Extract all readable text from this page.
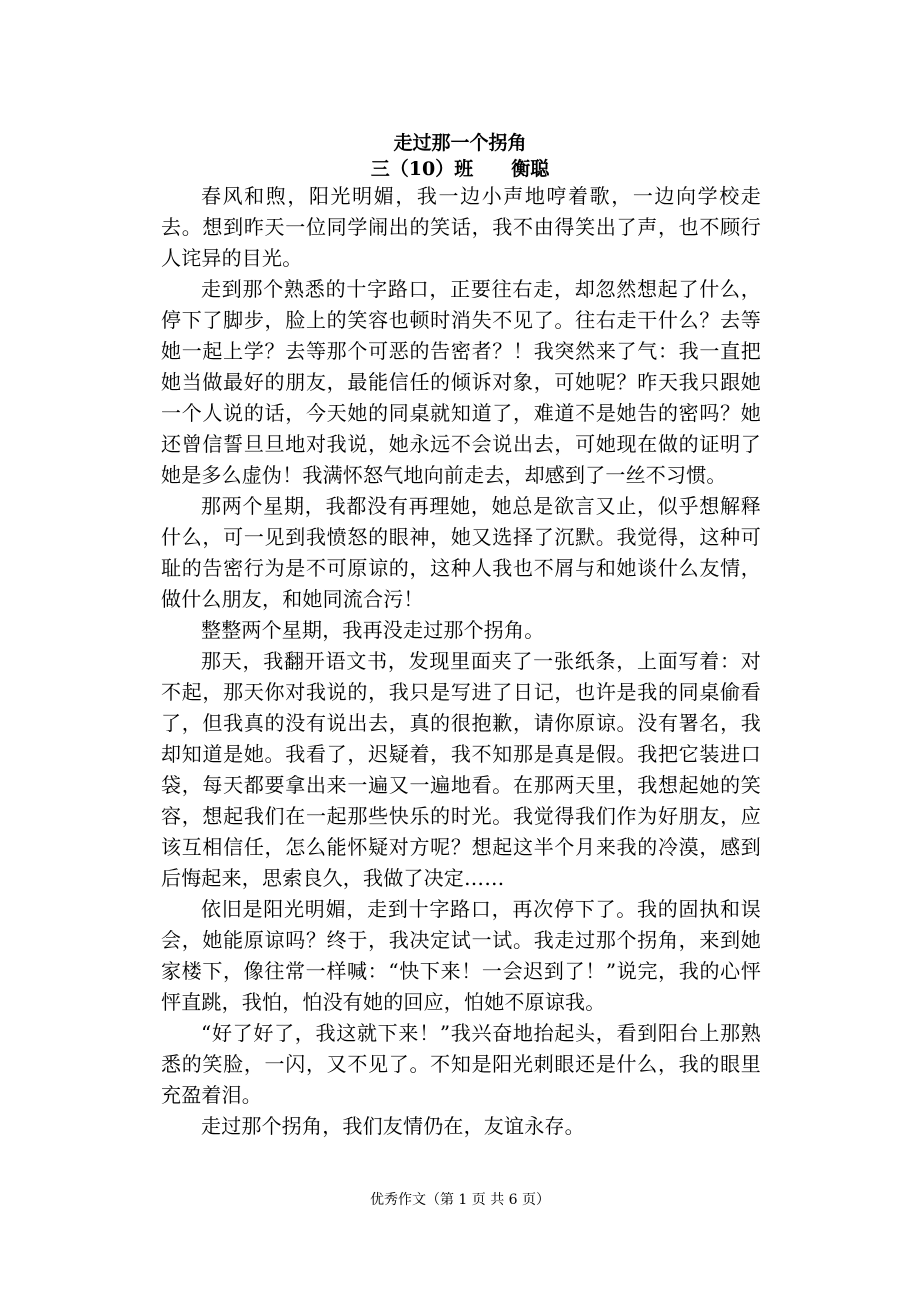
走过那一个拐角
三（10）班　　衡聪

春风和煦，阳光明媚，我一边小声地哼着歌，一边向学校走去。想到昨天一位同学闹出的笑话，我不由得笑出了声，也不顾行人诧异的目光。

走到那个熟悉的十字路口，正要往右走，却忽然想起了什么，停下了脚步，脸上的笑容也顿时消失不见了。往右走干什么？去等她一起上学？去等那个可恶的告密者？！我突然来了气：我一直把她当做最好的朋友，最能信任的倾诉对象，可她呢？昨天我只跟她一个人说的话，今天她的同桌就知道了，难道不是她告的密吗？她还曾信誓旦旦地对我说，她永远不会说出去，可她现在做的证明了她是多么虚伪！我满怀怒气地向前走去，却感到了一丝不习惯。

那两个星期，我都没有再理她，她总是欲言又止，似乎想解释什么，可一见到我愤怒的眼神，她又选择了沉默。我觉得，这种可耻的告密行为是不可原谅的，这种人我也不屑与和她谈什么友情，做什么朋友，和她同流合污！

整整两个星期，我再没走过那个拐角。

那天，我翻开语文书，发现里面夹了一张纸条，上面写着：对不起，那天你对我说的，我只是写进了日记，也许是我的同桌偷看了，但我真的没有说出去，真的很抱歉，请你原谅。没有署名，我却知道是她。我看了，迟疑着，我不知那是真是假。我把它装进口袋，每天都要拿出来一遍又一遍地看。在那两天里，我想起她的笑容，想起我们在一起那些快乐的时光。我觉得我们作为好朋友，应该互相信任，怎么能怀疑对方呢？想起这半个月来我的冷漠，感到后悔起来，思索良久，我做了决定……

依旧是阳光明媚，走到十字路口，再次停下了。我的固执和误会，她能原谅吗？终于，我决定试一试。我走过那个拐角，来到她家楼下，像往常一样喊：“快下来！一会迟到了！”说完，我的心怦怦直跳，我怕，怕没有她的回应，怕她不原谅我。

“好了好了，我这就下来！”我兴奋地抬起头，看到阳台上那熟悉的笑脸，一闪，又不见了。不知是阳光刺眼还是什么，我的眼里充盈着泪。

走过那个拐角，我们友情仍在，友谊永存。

优秀作文（第 1 页 共 6 页）
